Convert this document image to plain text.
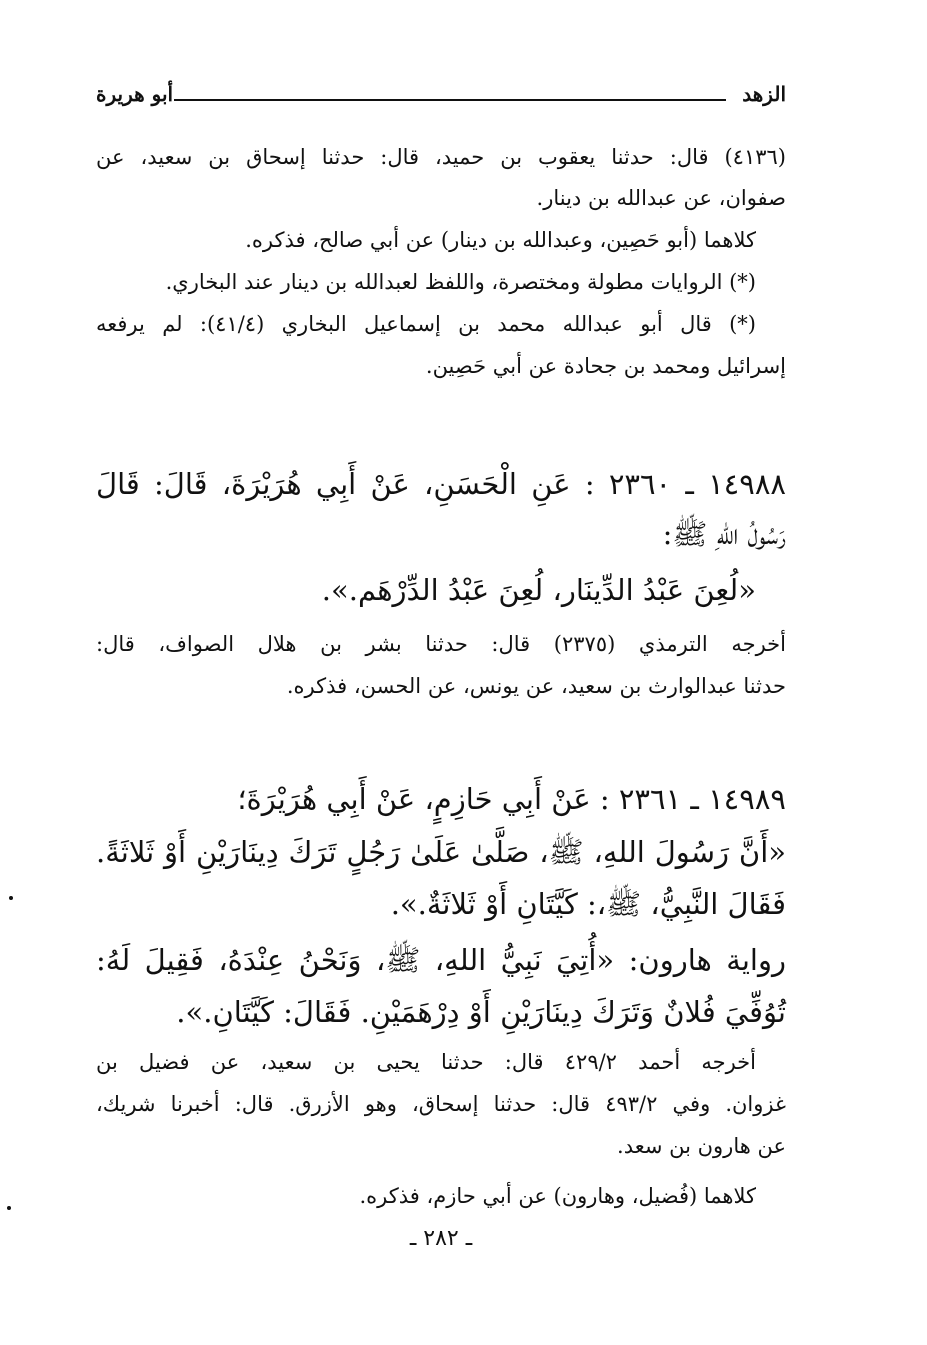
الزهد
أبو هريرة
(٤١٣٦) قال: حدثنا يعقوب بن حميد، قال: حدثنا إسحاق بن سعيد، عن
صفوان، عن عبدالله بن دينار.
كلاهما (أبو حَصِين، وعبدالله بن دينار) عن أبي صالح، فذكره.
(*) الروايات مطولة ومختصرة، واللفظ لعبدالله بن دينار عند البخاري.
(*) قال أبو عبدالله محمد بن إسماعيل البخاري (٤١/٤): لم يرفعه
إسرائيل ومحمد بن جحادة عن أبي حَصِين.
١٤٩٨٨ ـ ٢٣٦٠ : عَنِ الْحَسَنِ، عَنْ أَبِي هُرَيْرَةَ، قَالَ: قَالَ
رَسُولُ اللهِ ﷺ:
«لُعِنَ عَبْدُ الدِّينَار، لُعِنَ عَبْدُ الدِّرْهَم.».
أخرجه الترمذي (٢٣٧٥) قال: حدثنا بشر بن هلال الصواف، قال:
حدثنا عبدالوارث بن سعيد، عن يونس، عن الحسن، فذكره.
١٤٩٨٩ ـ ٢٣٦١ : عَنْ أَبِي حَازِمٍ، عَنْ أَبِي هُرَيْرَةَ؛
«أَنَّ رَسُولَ اللهِ، ﷺ، صَلَّىٰ عَلَىٰ رَجُلٍ تَرَكَ دِينَارَيْنِ أَوْ ثَلاثَةً.
فَقَالَ النَّبِيُّ، ﷺ،: كَيَّتَانِ أَوْ ثَلاثَةٌ.».
رواية هارون: «أُتِيَ نَبِيُّ اللهِ، ﷺ، وَنَحْنُ عِنْدَهُ، فَقِيلَ لَهُ:
تُوُفِّيَ فُلانٌ وَتَرَكَ دِينَارَيْنِ أَوْ دِرْهَمَيْنِ. فَقَالَ: كَيَّتَانِ.».
أخرجه أحمد ٤٢٩/٢ قال: حدثنا يحيى بن سعيد، عن فضيل بن
غزوان. وفي ٤٩٣/٢ قال: حدثنا إسحاق، وهو الأزرق. قال: أخبرنا شريك،
عن هارون بن سعد.
كلاهما (فُضيل، وهارون) عن أبي حازم، فذكره.
ـ ٢٨٢ ـ
